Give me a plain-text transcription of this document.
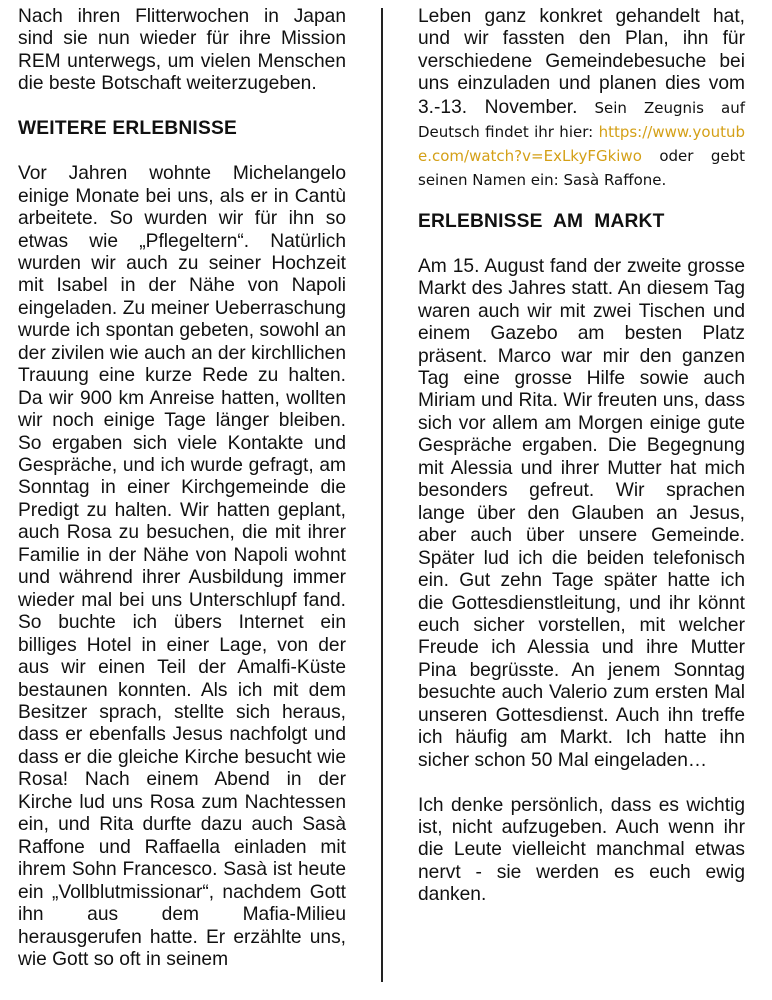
Nach ihren Flitterwochen in Japan sind sie nun wieder für ihre Mission REM unterwegs, um vielen Menschen die beste Botschaft weiterzugeben.

WEITERE ERLEBNISSE

Vor Jahren wohnte Michelangelo einige Monate bei uns, als er in Cantù arbeitete. So wurden wir für ihn so etwas wie „Pflegeltern“. Natürlich wurden wir auch zu seiner Hochzeit mit Isabel in der Nähe von Napoli eingeladen. Zu meiner Ueberraschung wurde ich spontan gebeten, sowohl an der zivilen wie auch an der kirchllichen Trauung eine kurze Rede zu halten. Da wir 900 km Anreise hatten, wollten wir noch einige Tage länger bleiben. So ergaben sich viele Kontakte und Gespräche, und ich wurde gefragt, am Sonntag in einer Kirchgemeinde die Predigt zu halten. Wir hatten geplant, auch Rosa zu besuchen, die mit ihrer Familie in der Nähe von Napoli wohnt und während ihrer Ausbildung immer wieder mal bei uns Unterschlupf fand. So buchte ich übers Internet ein billiges Hotel in einer Lage, von der aus wir einen Teil der Amalfi-Küste bestaunen konnten. Als ich mit dem Besitzer sprach, stellte sich heraus, dass er ebenfalls Jesus nachfolgt und dass er die gleiche Kirche besucht wie Rosa! Nach einem Abend in der Kirche lud uns Rosa zum Nachtessen ein, und Rita durfte dazu auch Sasà Raffone und Raffaella einladen mit ihrem Sohn Francesco. Sasà ist heute ein „Vollblutmissionar“, nachdem Gott ihn aus dem Mafia-Milieu herausgerufen hatte. Er erzählte uns, wie Gott so oft in seinem

Leben ganz konkret gehandelt hat, und wir fassten den Plan, ihn für verschiedene Gemeindebesuche bei uns einzuladen und planen dies vom 3.-13. November. Sein Zeugnis auf Deutsch findet ihr hier: https://www.youtube.com/watch?v=ExLkyFGkiwo oder gebt seinen Namen ein: Sasà Raffone.

ERLEBNISSE  AM  MARKT

Am 15. August fand der zweite grosse Markt des Jahres statt. An diesem Tag waren auch wir mit zwei Tischen und einem Gazebo am besten Platz präsent. Marco war mir den ganzen Tag eine grosse Hilfe sowie auch Miriam und Rita. Wir freuten uns, dass sich vor allem am Morgen einige gute Gespräche ergaben. Die Begegnung mit Alessia und ihrer Mutter hat mich besonders gefreut. Wir sprachen lange über den Glauben an Jesus, aber auch über unsere Gemeinde. Später lud ich die beiden telefonisch ein. Gut zehn Tage später hatte ich die Gottesdienstleitung, und ihr könnt euch sicher vorstellen, mit welcher Freude ich Alessia und ihre Mutter Pina begrüsste. An jenem Sonntag besuchte auch Valerio zum ersten Mal unseren Gottesdienst. Auch ihn treffe ich häufig am Markt. Ich hatte ihn sicher schon 50 Mal eingeladen…

Ich denke persönlich, dass es wichtig ist, nicht aufzugeben. Auch wenn ihr die Leute vielleicht manchmal etwas nervt - sie werden es euch ewig danken.
